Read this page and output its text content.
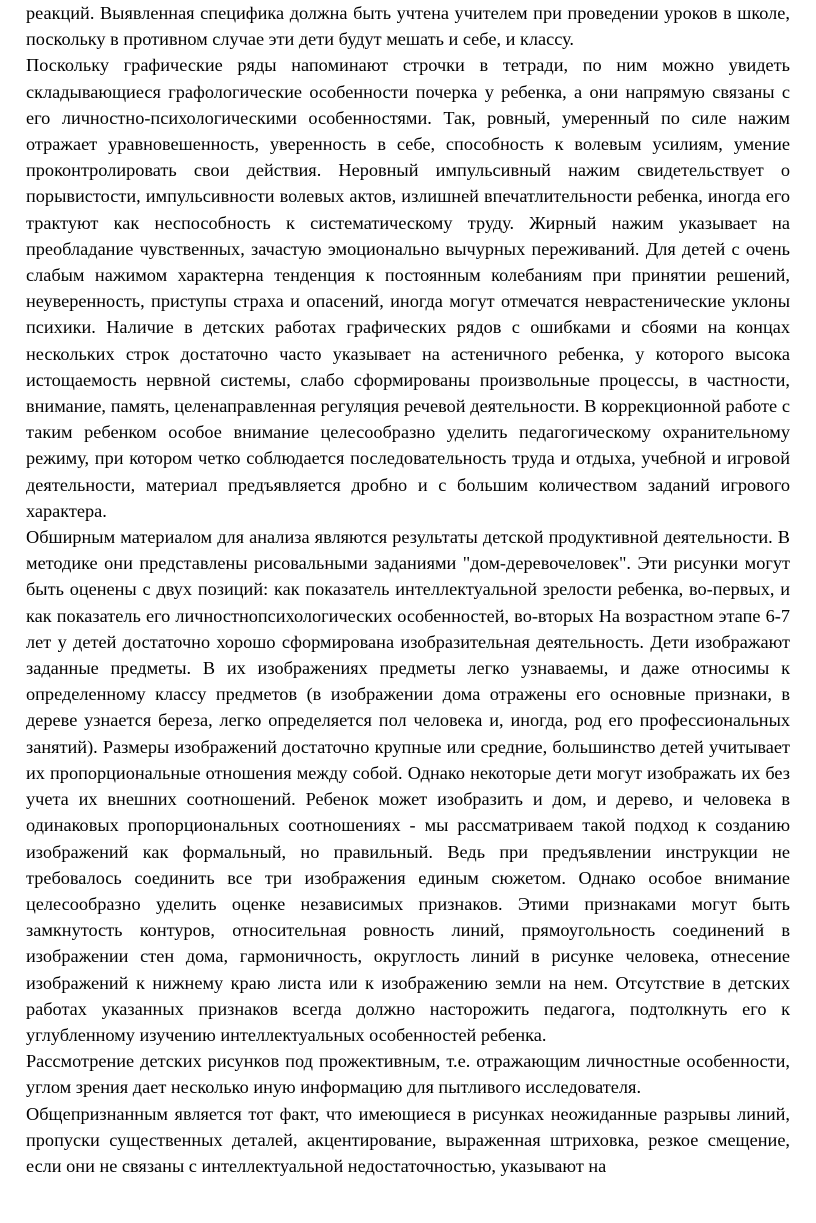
реакций. Выявленная специфика должна быть учтена учителем при проведении уроков в школе, поскольку в противном случае эти дети будут мешать и себе, и классу.

Поскольку графические ряды напоминают строчки в тетради, по ним можно увидеть складывающиеся графологические особенности почерка у ребенка, а они напрямую связаны с его личностно-психологическими особенностями. Так, ровный, умеренный по силе нажим отражает уравновешенность, уверенность в себе, способность к волевым усилиям, умение проконтролировать свои действия. Неровный импульсивный нажим свидетельствует о порывистости, импульсивности волевых актов, излишней впечатлительности ребенка, иногда его трактуют как неспособность к систематическому труду. Жирный нажим указывает на преобладание чувственных, зачастую эмоционально вычурных переживаний. Для детей с очень слабым нажимом характерна тенденция к постоянным колебаниям при принятии решений, неуверенность, приступы страха и опасений, иногда могут отмечатся неврастенические уклоны психики. Наличие в детских работах графических рядов с ошибками и сбоями на концах нескольких строк достаточно часто указывает на астеничного ребенка, у которого высока истощаемость нервной системы, слабо сформированы произвольные процессы, в частности, внимание, память, целенаправленная регуляция речевой деятельности. В коррекционной работе с таким ребенком особое внимание целесообразно уделить педагогическому охранительному режиму, при котором четко соблюдается последовательность труда и отдыха, учебной и игровой деятельности, материал предъявляется дробно и с большим количеством заданий игрового характера.

Обширным материалом для анализа являются результаты детской продуктивной деятельности. В методике они представлены рисовальными заданиями "дом-деревочеловек". Эти рисунки могут быть оценены с двух позиций: как показатель интеллектуальной зрелости ребенка, во-первых, и как показатель его личностнопсихологических особенностей, во-вторых На возрастном этапе 6-7 лет у детей достаточно хорошо сформирована изобразительная деятельность. Дети изображают заданные предметы. В их изображениях предметы легко узнаваемы, и даже относимы к определенному классу предметов (в изображении дома отражены его основные признаки, в дереве узнается береза, легко определяется пол человека и, иногда, род его профессиональных занятий). Размеры изображений достаточно крупные или средние, большинство детей учитывает их пропорциональные отношения между собой. Однако некоторые дети могут изображать их без учета их внешних соотношений. Ребенок может изобразить и дом, и дерево, и человека в одинаковых пропорциональных соотношениях - мы рассматриваем такой подход к созданию изображений как формальный, но правильный. Ведь при предъявлении инструкции не требовалось соединить все три изображения единым сюжетом. Однако особое внимание целесообразно уделить оценке независимых признаков. Этими признаками могут быть замкнутость контуров, относительная ровность линий, прямоугольность соединений в изображении стен дома, гармоничность, округлость линий в рисунке человека, отнесение изображений к нижнему краю листа или к изображению земли на нем. Отсутствие в детских работах указанных признаков всегда должно насторожить педагога, подтолкнуть его к углубленному изучению интеллектуальных особенностей ребенка.

Рассмотрение детских рисунков под прожективным, т.е. отражающим личностные особенности, углом зрения дает несколько иную информацию для пытливого исследователя.

Общепризнанным является тот факт, что имеющиеся в рисунках неожиданные разрывы линий, пропуски существенных деталей, акцентирование, выраженная штриховка, резкое смещение, если они не связаны с интеллектуальной недостаточностью, указывают на
